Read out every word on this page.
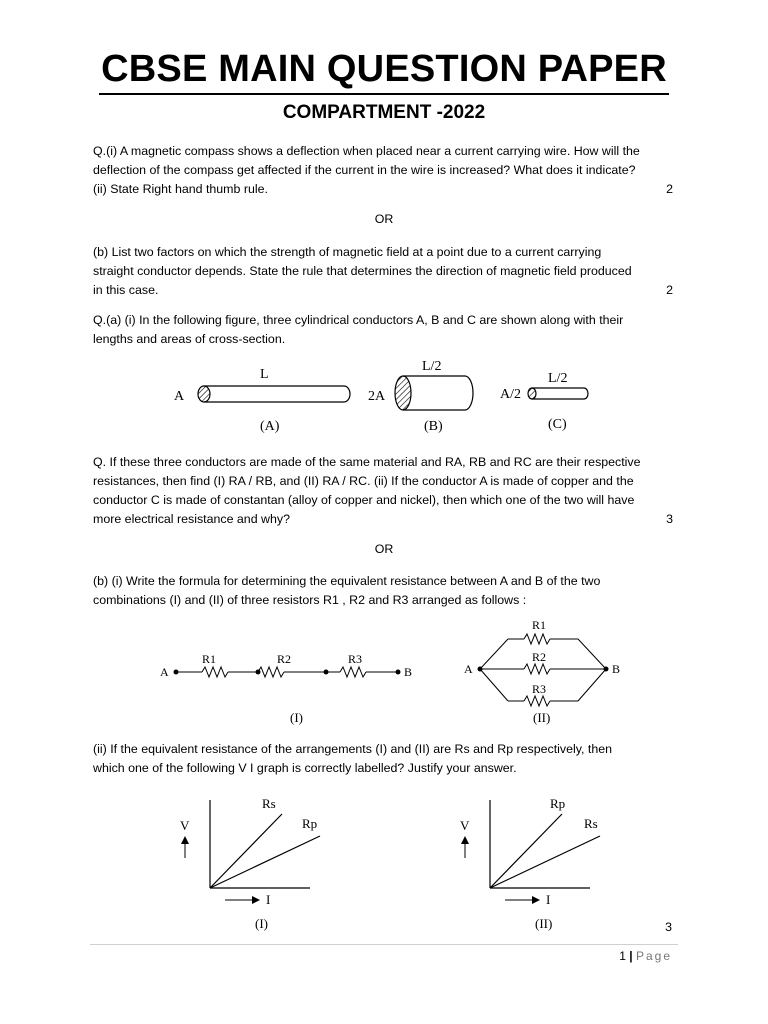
CBSE MAIN QUESTION PAPER
COMPARTMENT -2022
Q.(i) A magnetic compass shows a deflection when placed near a current carrying wire. How will the
deflection of the compass get affected if the current in the wire is increased? What does it indicate?
(ii) State Right hand thumb rule.	2
OR
(b) List two factors on which the strength of magnetic field at a point due to a current carrying
straight conductor depends. State the rule that determines the direction of magnetic field produced
in this case.	2
Q.(a) (i) In the following figure, three cylindrical conductors A, B and C are shown along with their
lengths and areas of cross-section.
A
L
(A)
2A
L/2
(B)
A/2
L/2
(C)
Q. If these three conductors are made of the same material and RA, RB and RC are their respective
resistances, then find (I) RA / RB, and (II) RA / RC. (ii) If the conductor A is made of copper and the
conductor C is made of constantan (alloy of copper and nickel), then which one of the two will have
more electrical resistance and why?	3
OR
(b) (i) Write the formula for determining the equivalent resistance between A and B of the two
combinations (I) and (II) of three resistors R1 , R2 and R3 arranged as follows :
A	B
R1	R2	R3
(I)
A	B
R1
R2
R3
(II)
(ii) If the equivalent resistance of the arrangements (I) and (II) are Rs and Rp respectively, then
which one of the following V I graph is correctly labelled? Justify your answer.
V
I
Rs
Rp
(I)
V
I
Rp
Rs
(II)	3
1 | Page
